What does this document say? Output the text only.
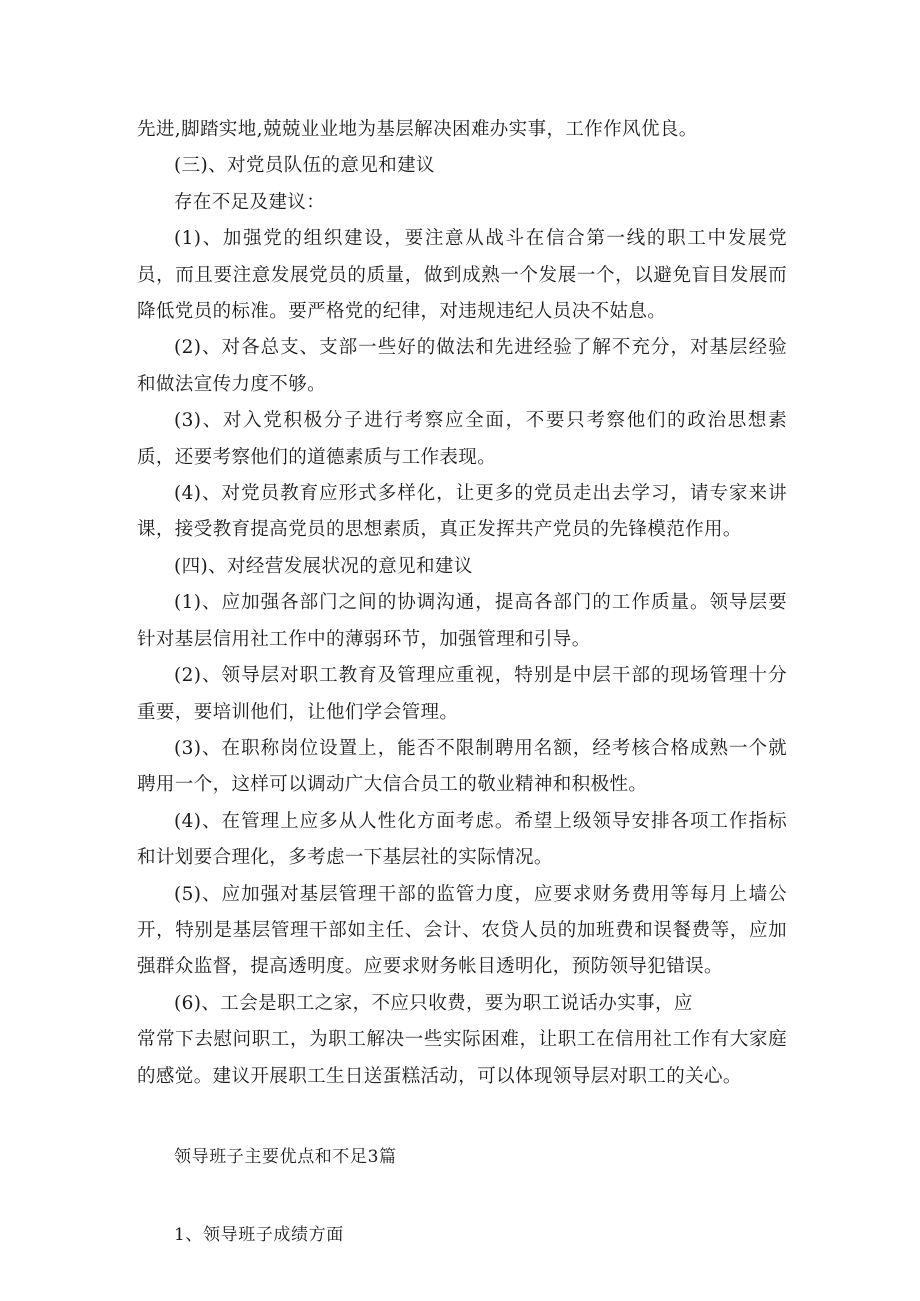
先进,脚踏实地,兢兢业业地为基层解决困难办实事，工作作风优良。

(三)、对党员队伍的意见和建议

存在不足及建议：

(1)、加强党的组织建设，要注意从战斗在信合第一线的职工中发展党员，而且要注意发展党员的质量，做到成熟一个发展一个，以避免盲目发展而降低党员的标准。要严格党的纪律，对违规违纪人员决不姑息。

(2)、对各总支、支部一些好的做法和先进经验了解不充分，对基层经验和做法宣传力度不够。

(3)、对入党积极分子进行考察应全面，不要只考察他们的政治思想素质，还要考察他们的道德素质与工作表现。

(4)、对党员教育应形式多样化，让更多的党员走出去学习，请专家来讲课，接受教育提高党员的思想素质，真正发挥共产党员的先锋模范作用。

(四)、对经营发展状况的意见和建议

(1)、应加强各部门之间的协调沟通，提高各部门的工作质量。领导层要针对基层信用社工作中的薄弱环节，加强管理和引导。

(2)、领导层对职工教育及管理应重视，特别是中层干部的现场管理十分重要，要培训他们，让他们学会管理。

(3)、在职称岗位设置上，能否不限制聘用名额，经考核合格成熟一个就聘用一个，这样可以调动广大信合员工的敬业精神和积极性。

(4)、在管理上应多从人性化方面考虑。希望上级领导安排各项工作指标和计划要合理化，多考虑一下基层社的实际情况。

(5)、应加强对基层管理干部的监管力度，应要求财务费用等每月上墙公开，特别是基层管理干部如主任、会计、农贷人员的加班费和误餐费等，应加强群众监督，提高透明度。应要求财务帐目透明化，预防领导犯错误。

(6)、工会是职工之家，不应只收费，要为职工说话办实事，应

常常下去慰问职工，为职工解决一些实际困难，让职工在信用社工作有大家庭的感觉。建议开展职工生日送蛋糕活动，可以体现领导层对职工的关心。

领导班子主要优点和不足3篇

1、领导班子成绩方面
